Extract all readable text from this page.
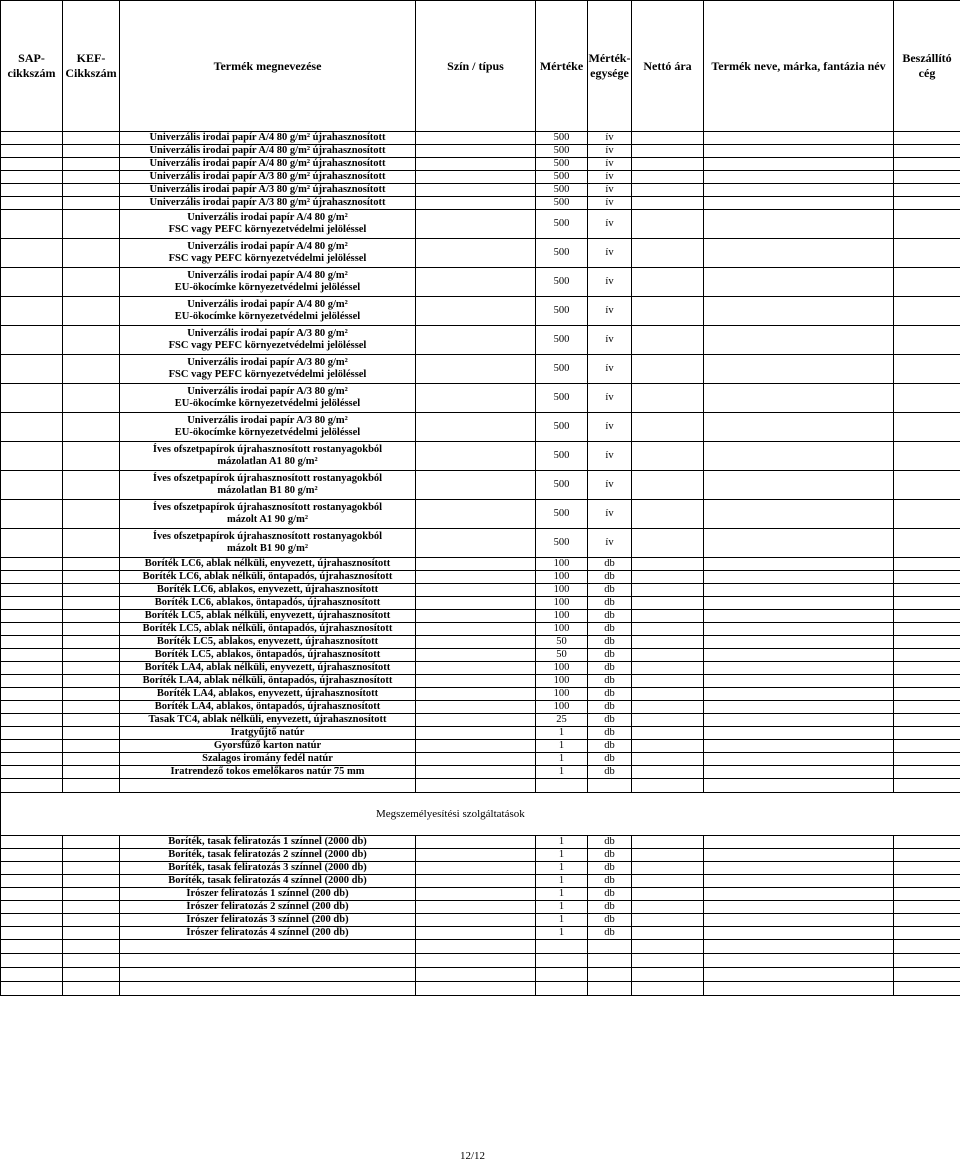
SAP-
cikkszám	KEF-
Cikkszám	Termék megnevezése	Szín / típus	Mértéke	Mérték-
egysége	Nettó ára	Termék neve, márka, fantázia név	Beszállító
cég
		Univerzális irodai papír A/4 80 g/m² újrahasznosított		500	ív			
		Univerzális irodai papír A/4 80 g/m² újrahasznosított		500	ív			
		Univerzális irodai papír A/4 80 g/m² újrahasznosított		500	ív			
		Univerzális irodai papír A/3 80 g/m² újrahasznosított		500	ív			
		Univerzális irodai papír A/3 80 g/m² újrahasznosított		500	ív			
		Univerzális irodai papír A/3 80 g/m² újrahasznosított		500	ív			
		Univerzális irodai papír A/4 80 g/m²
FSC vagy PEFC környezetvédelmi jelöléssel		500	ív			
		Univerzális irodai papír A/4 80 g/m²
FSC vagy PEFC környezetvédelmi jelöléssel		500	ív			
		Univerzális irodai papír A/4 80 g/m²
EU-ökocímke környezetvédelmi jelöléssel		500	ív			
		Univerzális irodai papír A/4 80 g/m²
EU-ökocímke környezetvédelmi jelöléssel		500	ív			
		Univerzális irodai papír A/3 80 g/m²
FSC vagy PEFC környezetvédelmi jelöléssel		500	ív			
		Univerzális irodai papír A/3 80 g/m²
FSC vagy PEFC környezetvédelmi jelöléssel		500	ív			
		Univerzális irodai papír A/3 80 g/m²
EU-ökocímke környezetvédelmi jelöléssel		500	ív			
		Univerzális irodai papír A/3 80 g/m²
EU-ökocímke környezetvédelmi jelöléssel		500	ív			
		Íves ofszetpapírok újrahasznosított rostanyagokból
mázolatlan A1 80 g/m²		500	ív			
		Íves ofszetpapírok újrahasznosított rostanyagokból
mázolatlan B1 80 g/m²		500	ív			
		Íves ofszetpapírok újrahasznosított rostanyagokból
mázolt A1 90 g/m²		500	ív			
		Íves ofszetpapírok újrahasznosított rostanyagokból
mázolt B1 90 g/m²		500	ív			
		Boríték LC6, ablak nélküli, enyvezett, újrahasznosított		100	db			
		Boríték LC6, ablak nélküli, öntapadós, újrahasznosított		100	db			
		Boríték LC6, ablakos, enyvezett, újrahasznosított		100	db			
		Boríték LC6, ablakos, öntapadós, újrahasznosított		100	db			
		Boríték LC5, ablak nélküli, enyvezett, újrahasznosított		100	db			
		Boríték LC5, ablak nélküli, öntapadós, újrahasznosított		100	db			
		Boríték LC5, ablakos, enyvezett, újrahasznosított		50	db			
		Boríték LC5, ablakos, öntapadós, újrahasznosított		50	db			
		Boríték LA4, ablak nélküli, enyvezett, újrahasznosított		100	db			
		Boríték LA4, ablak nélküli, öntapadós, újrahasznosított		100	db			
		Boríték LA4, ablakos, enyvezett, újrahasznosított		100	db			
		Boríték LA4, ablakos, öntapadós, újrahasznosított		100	db			
		Tasak TC4, ablak nélküli, enyvezett, újrahasznosított		25	db			
		Iratgyűjtő natúr		1	db			
		Gyorsfűző karton natúr		1	db			
		Szalagos iromány fedél natúr		1	db			
		Iratrendező tokos emelőkaros natúr 75 mm		1	db			

Megszemélyesítési szolgáltatások								
		Boríték, tasak feliratozás 1 színnel (2000 db)		1	db			
		Boríték, tasak feliratozás 2 színnel (2000 db)		1	db			
		Boríték, tasak feliratozás 3 színnel (2000 db)		1	db			
		Boríték, tasak feliratozás 4 színnel (2000 db)		1	db			
		Írószer feliratozás 1 színnel (200 db)		1	db			
		Írószer feliratozás 2 színnel (200 db)		1	db			
		Írószer feliratozás 3 színnel (200 db)		1	db			
		Írószer feliratozás 4 színnel (200 db)		1	db			

12/12
